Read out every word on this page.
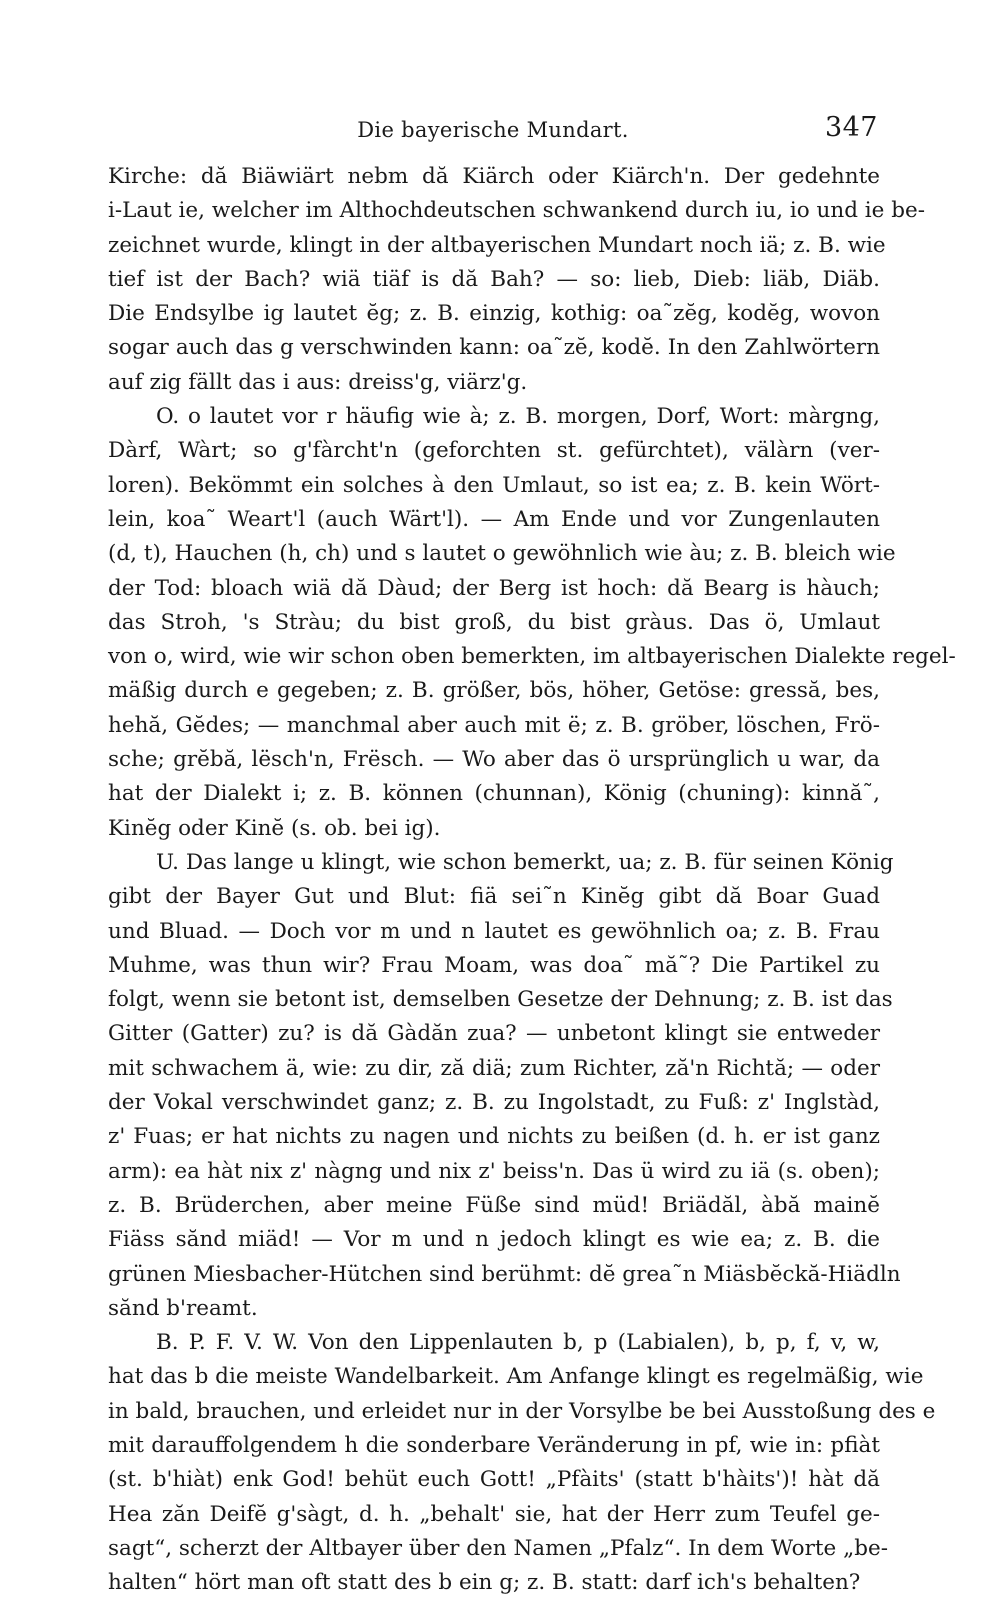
Die bayerische Mundart.	347
Kirche: dă Biäwiärt nebm dă Kiärch oder Kiärch'n. Der gedehnte
i-Laut ie, welcher im Althochdeutschen schwankend durch iu, io und ie be-
zeichnet wurde, klingt in der altbayerischen Mundart noch iä; z. B. wie
tief ist der Bach? wiä tiäf is dă Bah? — so: lieb, Dieb: liäb, Diäb.
Die Endsylbe ig lautet ĕg; z. B. einzig, kothig: oa˜zĕg, kodĕg, wovon
sogar auch das g verschwinden kann: oa˜zĕ, kodĕ. In den Zahlwörtern
auf zig fällt das i aus: dreiss'g, viärz'g.
O. o lautet vor r häufig wie à; z. B. morgen, Dorf, Wort: màrgng,
Dàrf, Wàrt; so g'fàrcht'n (geforchten st. gefürchtet), välàrn (ver-
loren). Bekömmt ein solches à den Umlaut, so ist ea; z. B. kein Wört-
lein, koa˜ Weart'l (auch Wärt'l). — Am Ende und vor Zungenlauten
(d, t), Hauchen (h, ch) und s lautet o gewöhnlich wie àu; z. B. bleich wie
der Tod: bloach wiä dă Dàud; der Berg ist hoch: dă Bearg is hàuch;
das Stroh, 's Stràu; du bist groß, du bist gràus. Das ö, Umlaut
von o, wird, wie wir schon oben bemerkten, im altbayerischen Dialekte regel-
mäßig durch e gegeben; z. B. größer, bös, höher, Getöse: gressă, bes,
hehă, Gĕdes; — manchmal aber auch mit ë; z. B. gröber, löschen, Frö-
sche; grĕbă, lësch'n, Frësch. — Wo aber das ö ursprünglich u war, da
hat der Dialekt i; z. B. können (chunnan), König (chuning): kinnă˜,
Kinĕg oder Kinĕ (s. ob. bei ig).
U. Das lange u klingt, wie schon bemerkt, ua; z. B. für seinen König
gibt der Bayer Gut und Blut: fiä sei˜n Kinĕg gibt dă Boar Guad
und Bluad. — Doch vor m und n lautet es gewöhnlich oa; z. B. Frau
Muhme, was thun wir? Frau Moam, was doa˜ mă˜? Die Partikel zu
folgt, wenn sie betont ist, demselben Gesetze der Dehnung; z. B. ist das
Gitter (Gatter) zu? is dă Gàdăn zua? — unbetont klingt sie entweder
mit schwachem ä, wie: zu dir, ză diä; zum Richter, ză'n Richtă; — oder
der Vokal verschwindet ganz; z. B. zu Ingolstadt, zu Fuß: z' Inglstàd,
z' Fuas; er hat nichts zu nagen und nichts zu beißen (d. h. er ist ganz
arm): ea hàt nix z' nàgng und nix z' beiss'n. Das ü wird zu iä (s. oben);
z. B. Brüderchen, aber meine Füße sind müd! Briädăl, àbă mainĕ
Fiäss sănd miäd! — Vor m und n jedoch klingt es wie ea; z. B. die
grünen Miesbacher-Hütchen sind berühmt: dĕ grea˜n Miäsbĕckă-Hiädln
sănd b'reamt.
B. P. F. V. W. Von den Lippenlauten b, p (Labialen), b, p, f, v, w,
hat das b die meiste Wandelbarkeit. Am Anfange klingt es regelmäßig, wie
in bald, brauchen, und erleidet nur in der Vorsylbe be bei Ausstoßung des e
mit darauffolgendem h die sonderbare Veränderung in pf, wie in: pfiàt
(st. b'hiàt) enk God! behüt euch Gott! „Pfàits' (statt b'hàits')! hàt dă
Hea zăn Deifĕ g'sàgt, d. h. „behalt' sie, hat der Herr zum Teufel ge-
sagt“, scherzt der Altbayer über den Namen „Pfalz“. In dem Worte „be-
halten“ hört man oft statt des b ein g; z. B. statt: darf ich's behalten?
